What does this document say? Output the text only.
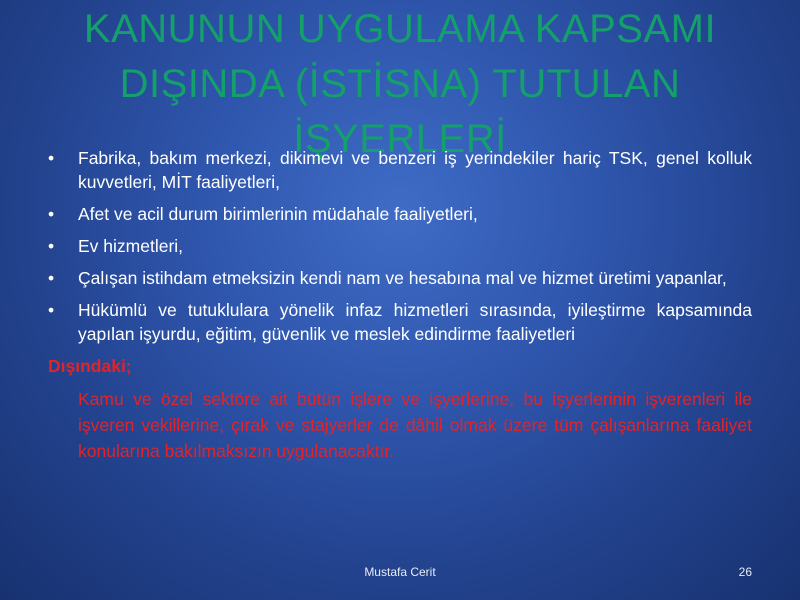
KANUNUN UYGULAMA KAPSAMI DIŞINDA (İSTİSNA) TUTULAN İŞYERLERİ
•	Fabrika, bakım merkezi, dikimevi ve benzeri iş yerindekiler hariç TSK, genel kolluk kuvvetleri, MİT faaliyetleri,
•	Afet ve acil durum birimlerinin müdahale faaliyetleri,
•	Ev hizmetleri,
•	Çalışan istihdam etmeksizin kendi nam ve hesabına mal ve hizmet üretimi yapanlar,
•	Hükümlü ve tutuklulara yönelik infaz hizmetleri sırasında, iyileştirme kapsamında yapılan işyurdu, eğitim, güvenlik ve meslek edindirme faaliyetleri
Dışındaki;
Kamu ve özel sektöre ait bütün işlere ve işyerlerine, bu işyerlerinin işverenleri ile işveren vekillerine, çırak ve stajyerler de dâhil olmak üzere tüm çalışanlarına faaliyet konularına bakılmaksızın uygulanacaktır.
Mustafa Cerit	26
